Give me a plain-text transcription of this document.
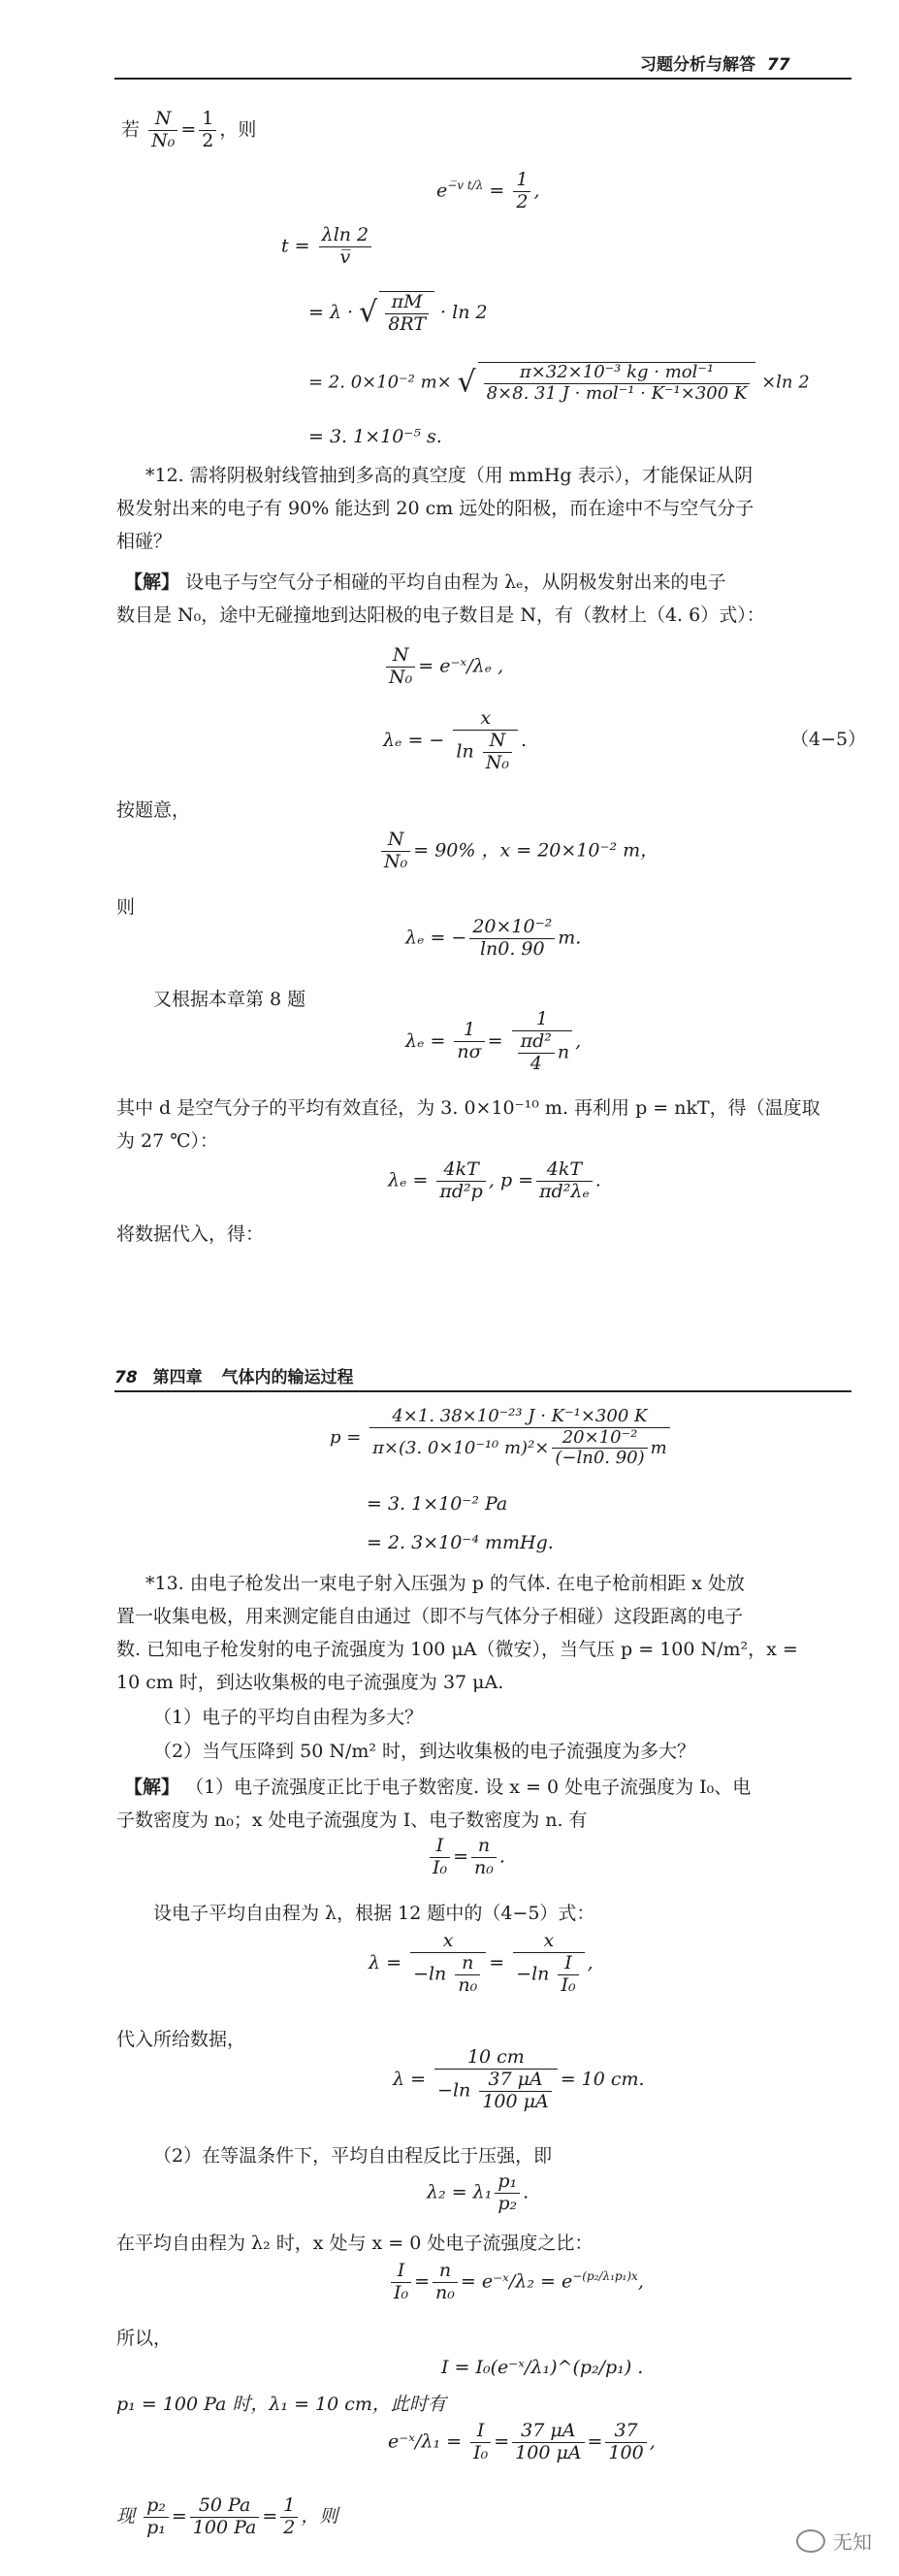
习题分析与解答 77
若 $\frac{N}{\text{N₀}} = \frac{1}{2}$ ，则
$e^{-̅v t/\lambda} = \frac{1}{2}$ ,
$t = \frac{\lambda\ln 2}{v̅}$
= λ · √ $\frac{\pi M}{8RT} \cdot \ln 2$
= 2. 0×10⁻² m× √ $\frac{\text{π×32×10⁻³ kg · mol⁻¹}}{\text{8×8. 31 J · mol⁻¹ · K⁻¹×300 K}} \times\ln$ 2
= 3. 1×10⁻⁵ s.
*12. 需将阴极射线管抽到多高的真空度（用 mmHg 表示），才能保证从阴
极发射出来的电子有 90% 能达到 20 cm 远处的阳极，而在途中不与空气分子
相碰？
【解】 设电子与空气分子相碰的平均自由程为 λₑ，从阴极发射出来的电子
数目是 N₀，途中无碰撞地到达阳极的电子数目是 N，有（教材上（4. 6）式）：
$\frac{N}{\text{N₀}}$ = e⁻ˣ/λₑ ,
λₑ = − $\frac{x}{\ln \frac{N}{\text{N₀}}}$ .	（4−5）
按题意，
$\frac{N}{\text{N₀}} = 90\%$ ，x = 20×10⁻² m，
则
λₑ = − $\frac{\text{20×10⁻²}}{\ln 0. 90} m$.
又根据本章第 8 题
$\lambda_e = \frac{1}{n\sigma} = \frac{1}{\frac{\text{πd²}}{4} n}$ ,
其中 d 是空气分子的平均有效直径，为 3. 0×10⁻¹⁰ m. 再利用 p = nkT，得（温度取
为 27 ℃）：
$\lambda_e = \frac{4kT}{\text{πd²p}}$ , $p = \frac{4kT}{\text{πd²λₑ}}$ .
将数据代入，得：
78 第四章 气体内的输运过程
$p = \frac{\text{4×1. 38×10⁻²³ J · K⁻¹×300 K}}{\pi\times(3. 0\times 10^{-10} m)^2\times \frac{\text{20×10⁻²}}{(-\ln 0. 90)} m}$
= 3. 1×10⁻² Pa
= 2. 3×10⁻⁴ mmHg.
*13. 由电子枪发出一束电子射入压强为 p 的气体. 在电子枪前相距 x 处放
置一收集电极，用来测定能自由通过（即不与气体分子相碰）这段距离的电子
数. 已知电子枪发射的电子流强度为 100 μA（微安），当气压 p = 100 N/m²，x =
10 cm 时，到达收集极的电子流强度为 37 μA.
（1）电子的平均自由程为多大？
（2）当气压降到 50 N/m² 时，到达收集极的电子流强度为多大？
【解】 （1）电子流强度正比于电子数密度. 设 x = 0 处电子流强度为 I₀、电
子数密度为 n₀；x 处电子流强度为 I、电子数密度为 n. 有
$\frac{I}{\text{I₀}} = \frac{n}{\text{n₀}}$ .
设电子平均自由程为 λ，根据 12 题中的（4−5）式：
$\lambda = \frac{x}{-\ln \frac{n}{\text{n₀}}} = \frac{x}{-\ln \frac{I}{\text{I₀}}}$ ,
代入所给数据，
$\lambda = \frac{10 cm}{-\ln \frac{37 \mu A}{100 \mu A}} = 10$ cm.
（2）在等温条件下，平均自由程反比于压强，即
$\lambda_2 = \lambda_1 \frac{\text{p₁}}{\text{p₂}}$ .
在平均自由程为 λ₂ 时，x 处与 x = 0 处电子流强度之比：
$\frac{I}{\text{I₀}} = \frac{n}{\text{n₀}}$ = e⁻ˣ/λ₂ = $e^{-(p_2/\lambda_1p_1)x}$,
所以，
I = I₀(e⁻ˣ/λ₁)^(p₂/p₁) .
p₁ = 100 Pa 时，λ₁ = 10 cm，此时有
e⁻ˣ/λ₁ = $\frac{I}{\text{I₀}} = \frac{37 \mu A}{100 \mu A} = \frac{37}{100}$ ,
现 $\frac{\text{p₂}}{\text{p₁}} = \frac{50 Pa}{100 Pa} = \frac{1}{2}$ ，则
无知
